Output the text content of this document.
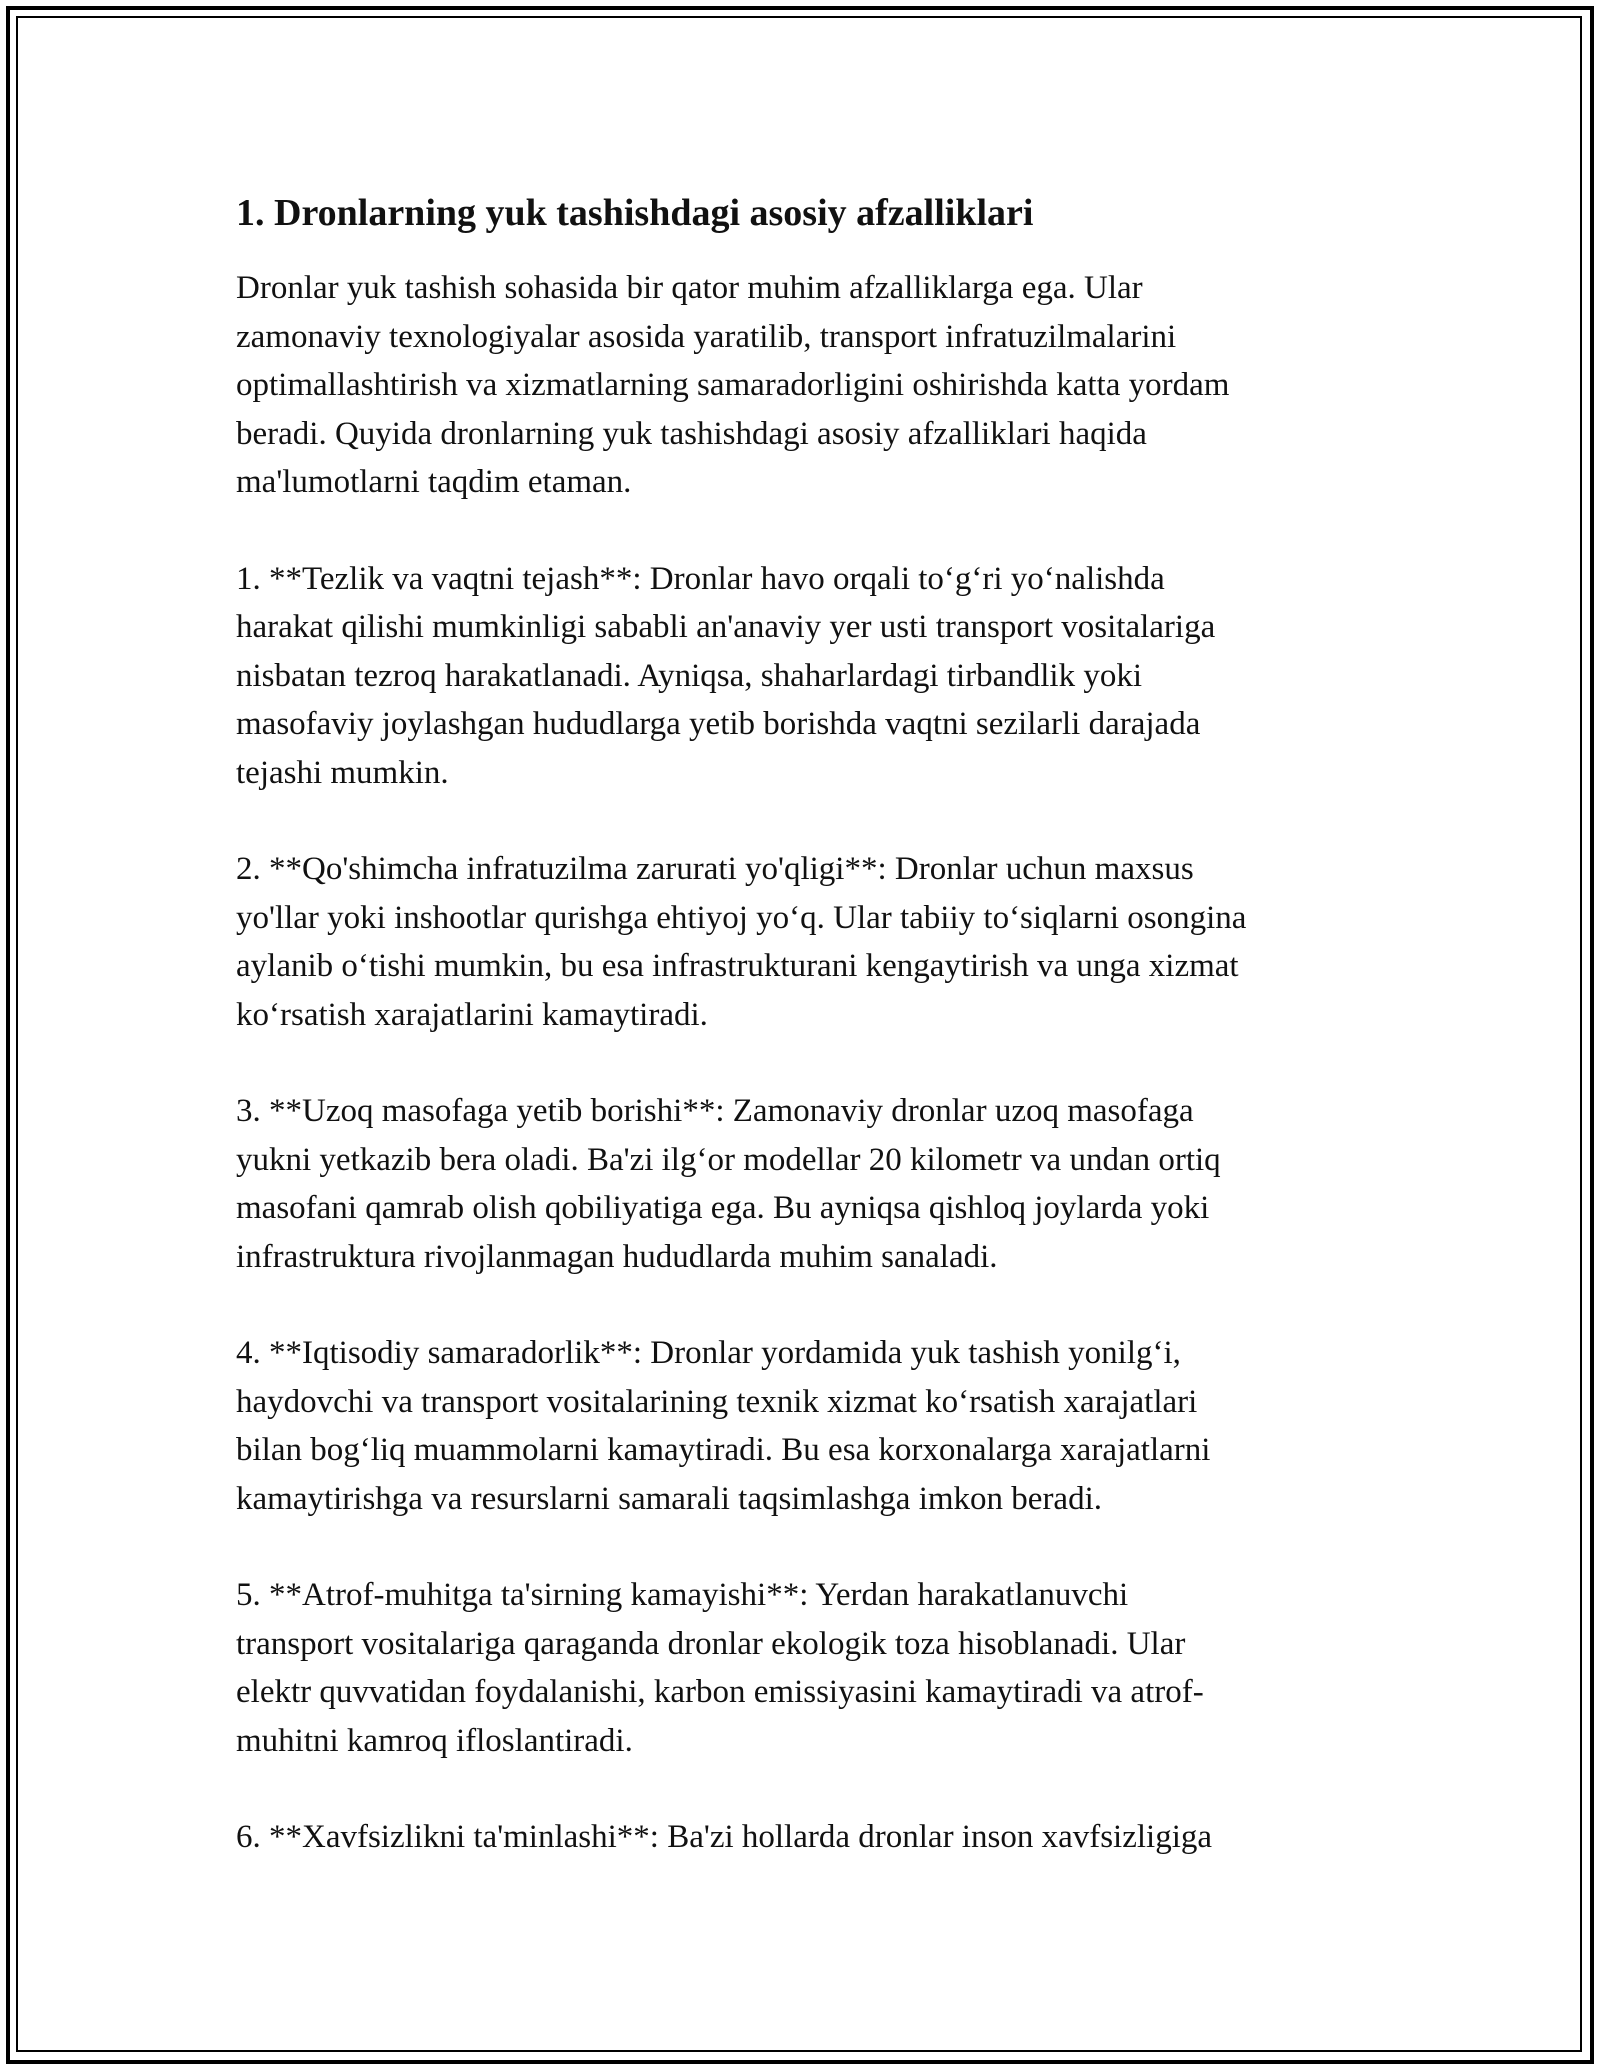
1. Dronlarning yuk tashishdagi asosiy afzalliklari

Dronlar yuk tashish sohasida bir qator muhim afzalliklarga ega. Ular
zamonaviy texnologiyalar asosida yaratilib, transport infratuzilmalarini
optimallashtirish va xizmatlarning samaradorligini oshirishda katta yordam
beradi. Quyida dronlarning yuk tashishdagi asosiy afzalliklari haqida
ma'lumotlarni taqdim etaman.

1. **Tezlik va vaqtni tejash**: Dronlar havo orqali to‘g‘ri yo‘nalishda
harakat qilishi mumkinligi sababli an'anaviy yer usti transport vositalariga
nisbatan tezroq harakatlanadi. Ayniqsa, shaharlardagi tirbandlik yoki
masofaviy joylashgan hududlarga yetib borishda vaqtni sezilarli darajada
tejashi mumkin.

2. **Qo'shimcha infratuzilma zarurati yo'qligi**: Dronlar uchun maxsus
yo'llar yoki inshootlar qurishga ehtiyoj yo‘q. Ular tabiiy to‘siqlarni osongina
aylanib o‘tishi mumkin, bu esa infrastrukturani kengaytirish va unga xizmat
ko‘rsatish xarajatlarini kamaytiradi.

3. **Uzoq masofaga yetib borishi**: Zamonaviy dronlar uzoq masofaga
yukni yetkazib bera oladi. Ba'zi ilg‘or modellar 20 kilometr va undan ortiq
masofani qamrab olish qobiliyatiga ega. Bu ayniqsa qishloq joylarda yoki
infrastruktura rivojlanmagan hududlarda muhim sanaladi.

4. **Iqtisodiy samaradorlik**: Dronlar yordamida yuk tashish yonilg‘i,
haydovchi va transport vositalarining texnik xizmat ko‘rsatish xarajatlari
bilan bog‘liq muammolarni kamaytiradi. Bu esa korxonalarga xarajatlarni
kamaytirishga va resurslarni samarali taqsimlashga imkon beradi.

5. **Atrof-muhitga ta'sirning kamayishi**: Yerdan harakatlanuvchi
transport vositalariga qaraganda dronlar ekologik toza hisoblanadi. Ular
elektr quvvatidan foydalanishi, karbon emissiyasini kamaytiradi va atrof-
muhitni kamroq ifloslantiradi.

6. **Xavfsizlikni ta'minlashi**: Ba'zi hollarda dronlar inson xavfsizligiga
